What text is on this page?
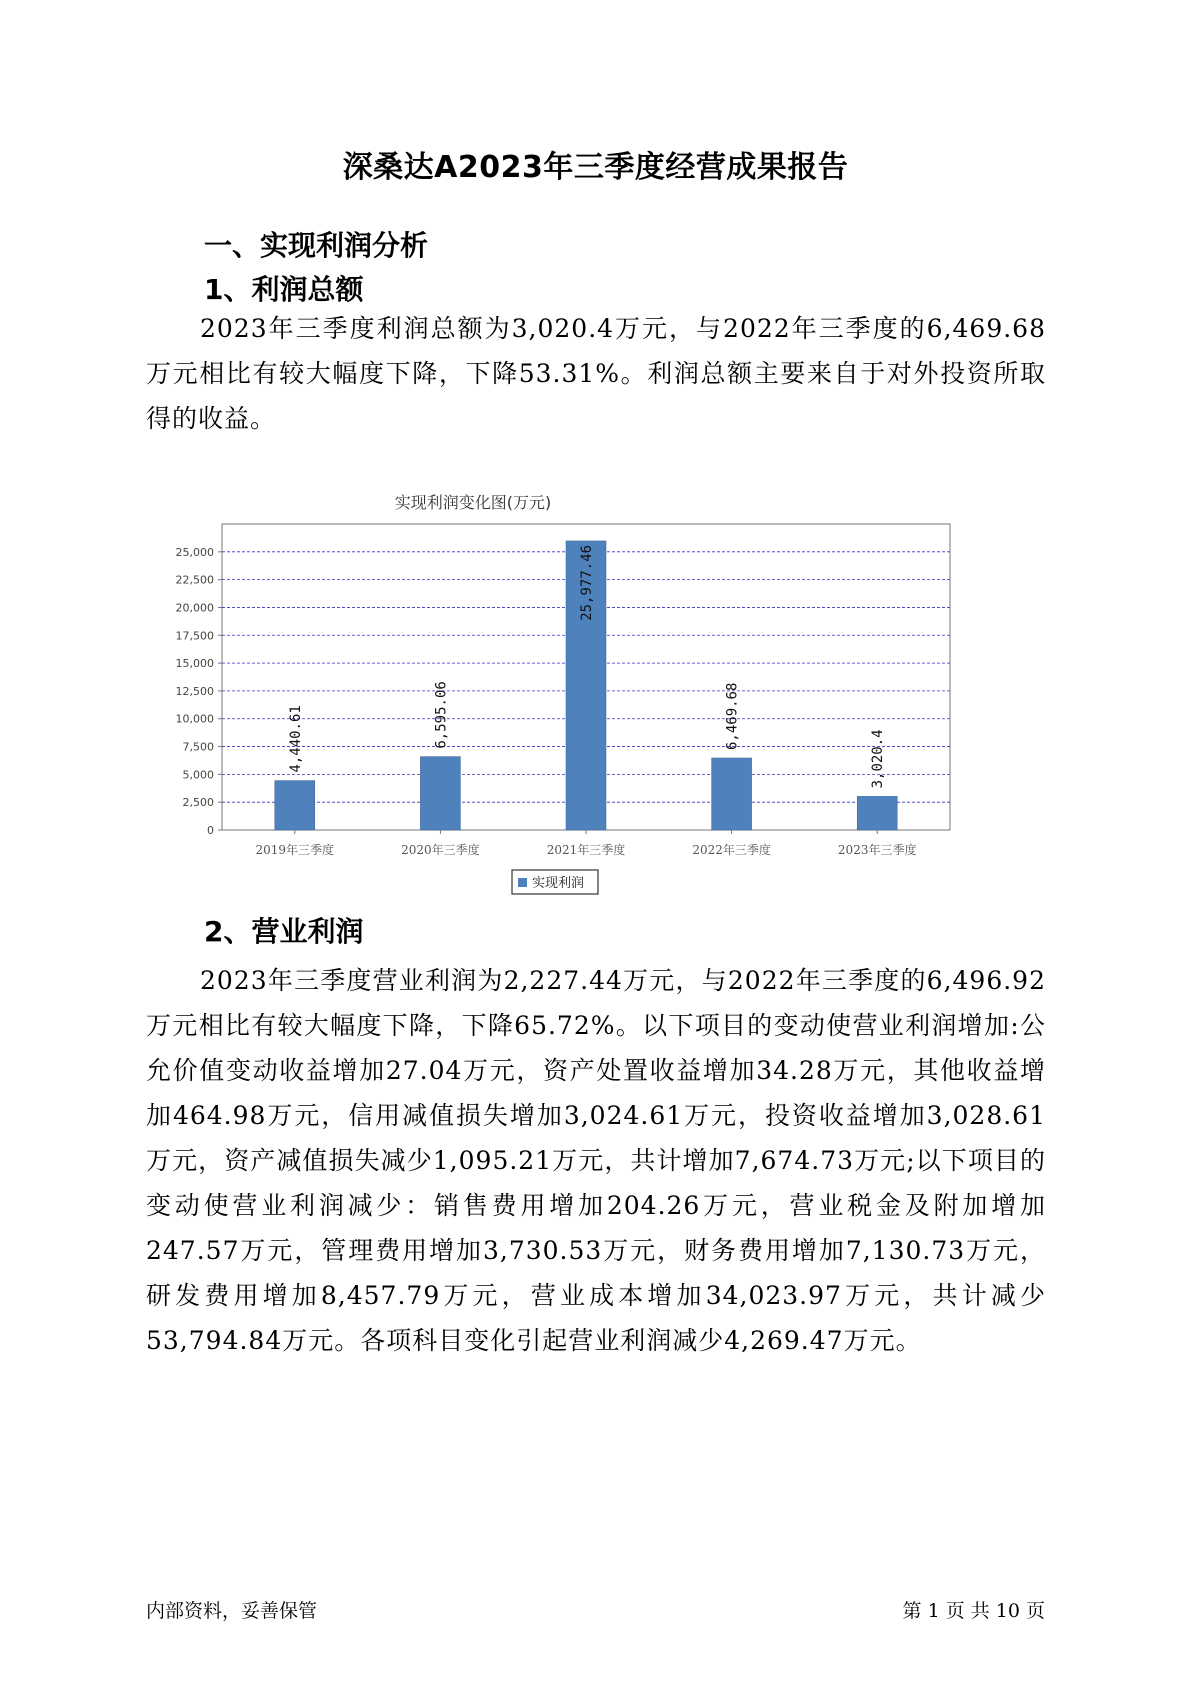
深桑达A2023年三季度经营成果报告
一、实现利润分析
1、利润总额
2023年三季度利润总额为3,020.4万元，与2022年三季度的6,469.68万元相比有较大幅度下降，下降53.31%。利润总额主要来自于对外投资所取得的收益。
实现利润变化图(万元)
0
2,500
5,000
7,500
10,000
12,500
15,000
17,500
20,000
22,500
25,000
4,440.61
2019年三季度
6,595.06
2020年三季度
25,977.46
2021年三季度
6,469.68
2022年三季度
3,020.4
2023年三季度
实现利润
2、营业利润
2023年三季度营业利润为2,227.44万元，与2022年三季度的6,496.92万元相比有较大幅度下降，下降65.72%。以下项目的变动使营业利润增加:公允价值变动收益增加27.04万元，资产处置收益增加34.28万元，其他收益增加464.98万元，信用减值损失增加3,024.61万元，投资收益增加3,028.61万元，资产减值损失减少1,095.21万元，共计增加7,674.73万元;以下项目的变动使营业利润减少：销售费用增加204.26万元，营业税金及附加增加247.57万元，管理费用增加3,730.53万元，财务费用增加7,130.73万元，研发费用增加8,457.79万元，营业成本增加34,023.97万元，共计减少53,794.84万元。各项科目变化引起营业利润减少4,269.47万元。
内部资料，妥善保管	第 1 页 共 10 页
